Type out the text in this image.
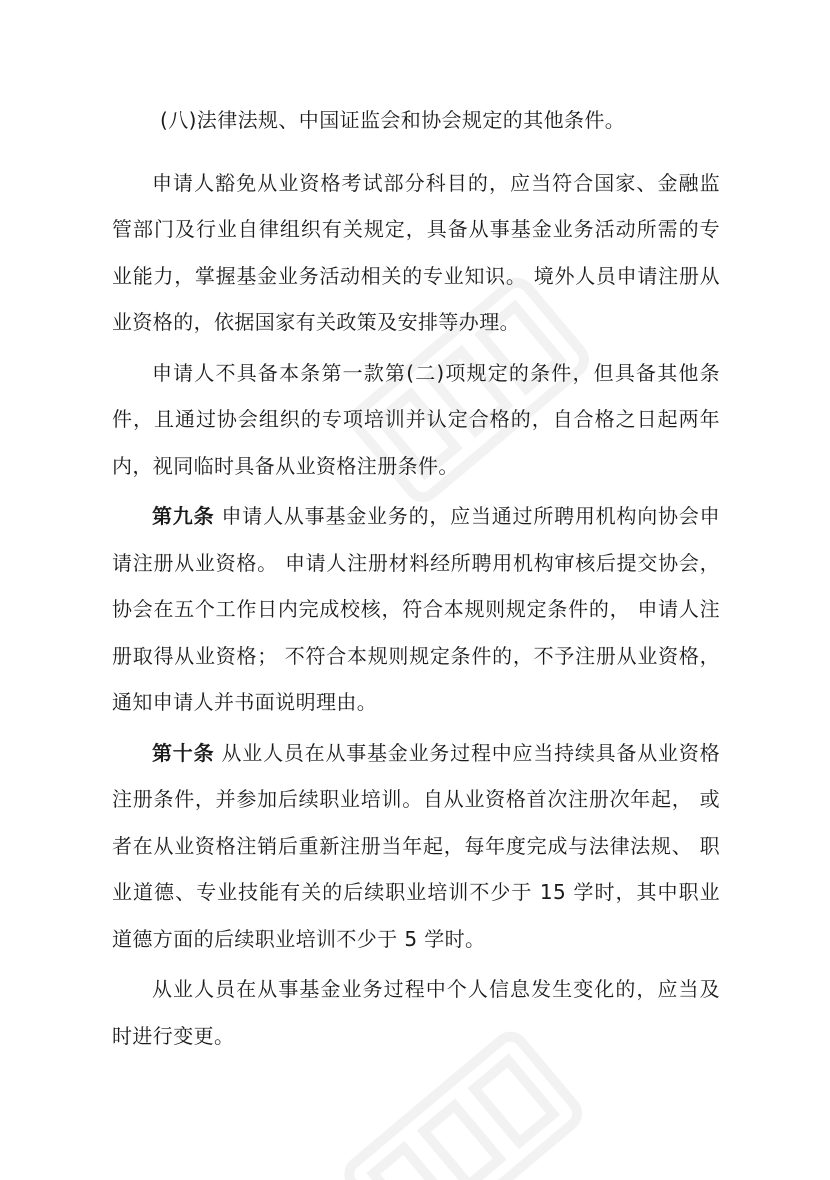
(八)法律法规、中国证监会和协会规定的其他条件。

申请人豁免从业资格考试部分科目的，应当符合国家、金融监管部门及行业自律组织有关规定，具备从事基金业务活动所需的专业能力，掌握基金业务活动相关的专业知识。 境外人员申请注册从业资格的，依据国家有关政策及安排等办理。

申请人不具备本条第一款第(二)项规定的条件，但具备其他条件，且通过协会组织的专项培训并认定合格的，自合格之日起两年内，视同临时具备从业资格注册条件。

第九条 申请人从事基金业务的，应当通过所聘用机构向协会申请注册从业资格。 申请人注册材料经所聘用机构审核后提交协会，协会在五个工作日内完成校核，符合本规则规定条件的， 申请人注册取得从业资格； 不符合本规则规定条件的，不予注册从业资格，通知申请人并书面说明理由。

第十条 从业人员在从事基金业务过程中应当持续具备从业资格注册条件，并参加后续职业培训。自从业资格首次注册次年起， 或者在从业资格注销后重新注册当年起，每年度完成与法律法规、 职业道德、专业技能有关的后续职业培训不少于 15 学时，其中职业道德方面的后续职业培训不少于 5 学时。

从业人员在从事基金业务过程中个人信息发生变化的，应当及时进行变更。
